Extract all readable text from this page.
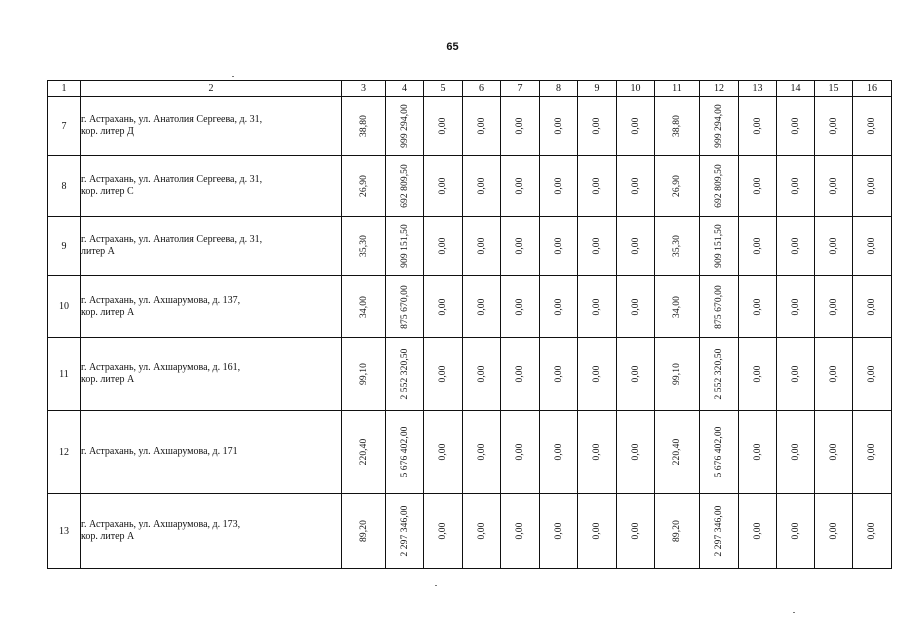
65
1	2	3	4	5	6	7	8	9	10	11	12	13	14	15	16
7	г. Астрахань, ул. Анатолия Сергеева, д. 31,
кор. литер Д	38,80	999 294,00	0,00	0,00	0,00	0,00	0,00	0,00	38,80	999 294,00	0,00	0,00	0,00	0,00

8	г. Астрахань, ул. Анатолия Сергеева, д. 31,
кор. литер С	26,90	692 809,50	0,00	0,00	0,00	0,00	0,00	0,00	26,90	692 809,50	0,00	0,00	0,00	0,00

9	г. Астрахань, ул. Анатолия Сергеева, д. 31,
литер А	35,30	909 151,50	0,00	0,00	0,00	0,00	0,00	0,00	35,30	909 151,50	0,00	0,00	0,00	0,00

10	г. Астрахань, ул. Ахшарумова, д. 137,
кор. литер А	34,00	875 670,00	0,00	0,00	0,00	0,00	0,00	0,00	34,00	875 670,00	0,00	0,00	0,00	0,00

11	г. Астрахань, ул. Ахшарумова, д. 161,
кор. литер А	99,10	2 552 320,50	0,00	0,00	0,00	0,00	0,00	0,00	99,10	2 552 320,50	0,00	0,00	0,00	0,00

12	г. Астрахань, ул. Ахшарумова, д. 171	220,40	5 676 402,00	0,00	0,00	0,00	0,00	0,00	0,00	220,40	5 676 402,00	0,00	0,00	0,00	0,00

13	г. Астрахань, ул. Ахшарумова, д. 173,
кор. литер А	89,20	2 297 346,00	0,00	0,00	0,00	0,00	0,00	0,00	89,20	2 297 346,00	0,00	0,00	0,00	0,00
